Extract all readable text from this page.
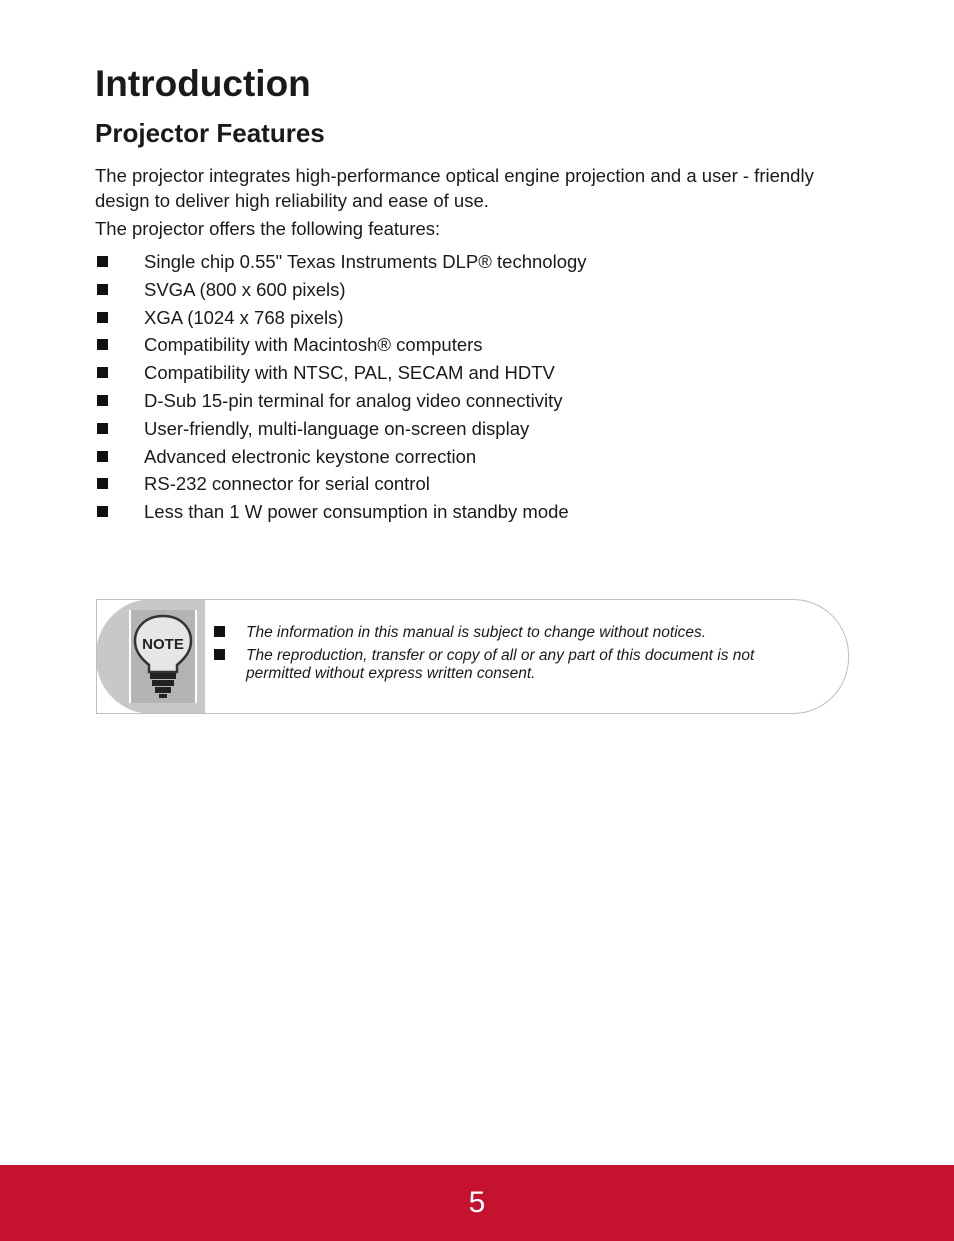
Introduction
Projector Features

The projector integrates high-performance optical engine projection and a user - friendly design to deliver high reliability and ease of use.

The projector offers the following features:

Single chip 0.55" Texas Instruments DLP® technology
SVGA (800 x 600 pixels)
XGA (1024 x 768 pixels)
Compatibility with Macintosh® computers
Compatibility with NTSC, PAL, SECAM and HDTV
D-Sub 15-pin terminal for analog video connectivity
User-friendly, multi-language on-screen display
Advanced electronic keystone correction
RS-232 connector for serial control
Less than 1 W power consumption in standby mode
NOTE
The information in this manual is subject to change without notices.
The reproduction, transfer or copy of all or any part of this document is not permitted without express written consent.
5
